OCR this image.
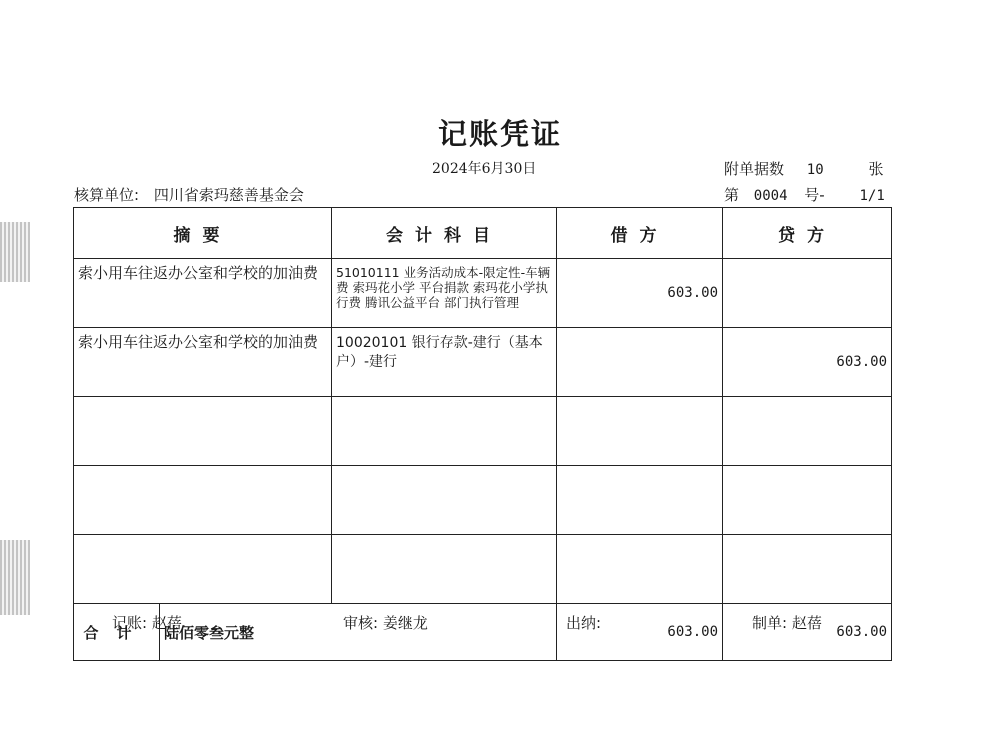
记账凭证
2024年6月30日
核算单位: 四川省索玛慈善基金会
附单据数 10	张
第 0004 号- 1/1
摘要		会计科目	借方	贷方
索小用车往返办公室和学校的加油费		51010111 业务活动成本-限定性-车辆费 索玛花小学 平台捐款 索玛花小学执行费 腾讯公益平台 部门执行管理	603.00	
索小用车往返办公室和学校的加油费		10020101 银行存款-建行（基本户）-建行		603.00

合计	陆佰零叁元整		603.00	603.00
记账: 赵蓓	审核: 姜继龙	出纳:	制单: 赵蓓
